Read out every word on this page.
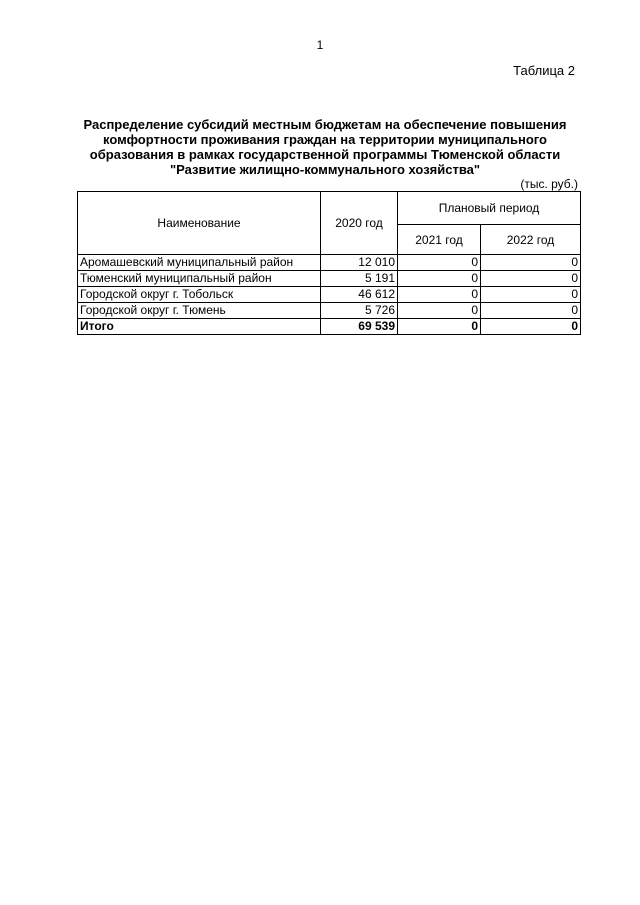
1
Таблица 2
Распределение субсидий местным бюджетам на обеспечение повышения комфортности проживания граждан на территории муниципального образования в рамках государственной программы Тюменской области "Развитие жилищно-коммунального хозяйства"
(тыс. руб.)
Наименование	2020 год	Плановый период	
		2021 год	2022 год
Аромашевский муниципальный район	12 010	0	0
Тюменский муниципальный район	5 191	0	0
Городской округ г. Тобольск	46 612	0	0
Городской округ г. Тюмень	5 726	0	0
Итого	69 539	0	0
